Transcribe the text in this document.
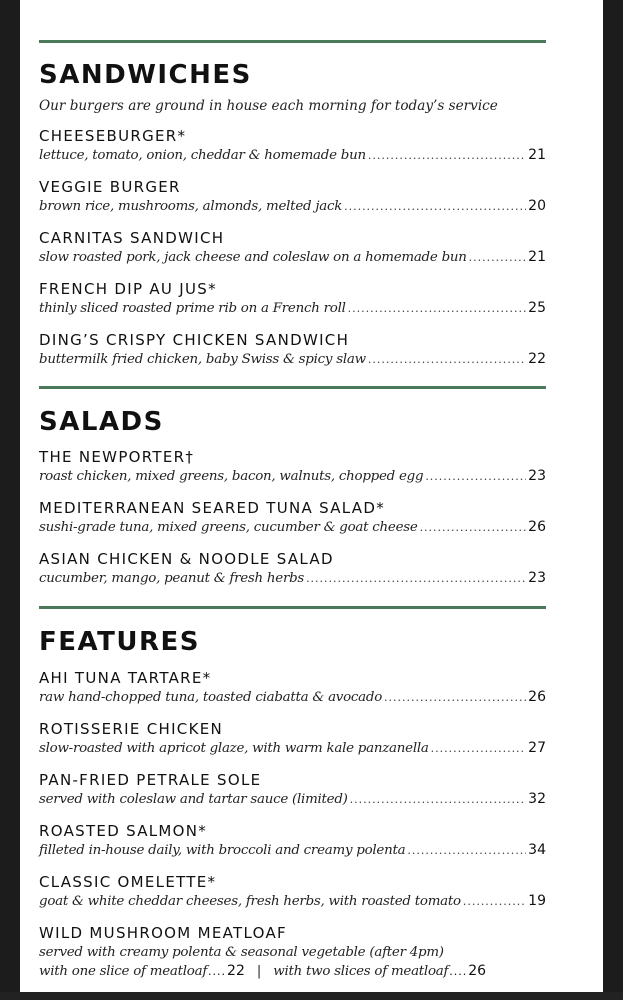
SANDWICHES
Our burgers are ground in house each morning for today’s service
CHEESEBURGER*
lettuce, tomato, onion, cheddar & homemade bun .....	21
VEGGIE BURGER
brown rice, mushrooms, almonds, melted jack .....	20
CARNITAS SANDWICH
slow roasted pork, jack cheese and coleslaw on a homemade bun .....	21
FRENCH DIP AU JUS*
thinly sliced roasted prime rib on a French roll .....	25
DING’S CRISPY CHICKEN SANDWICH
buttermilk fried chicken, baby Swiss & spicy slaw .....	22
SALADS
THE NEWPORTER†
roast chicken, mixed greens, bacon, walnuts, chopped egg .....	23
MEDITERRANEAN SEARED TUNA SALAD*
sushi-grade tuna, mixed greens, cucumber & goat cheese .....	26
ASIAN CHICKEN & NOODLE SALAD
cucumber, mango, peanut & fresh herbs .....	23
FEATURES
AHI TUNA TARTARE*
raw hand-chopped tuna, toasted ciabatta & avocado .....	26
ROTISSERIE CHICKEN
slow-roasted with apricot glaze, with warm kale panzanella .....	27
PAN-FRIED PETRALE SOLE
served with coleslaw and tartar sauce (limited) .....	32
ROASTED SALMON*
filleted in-house daily, with broccoli and creamy polenta .....	34
CLASSIC OMELETTE*
goat & white cheddar cheeses, fresh herbs, with roasted tomato .....	19
WILD MUSHROOM MEATLOAF
served with creamy polenta & seasonal vegetable (after 4pm)
with one slice of meatloaf .... 22 | with two slices of meatloaf .... 26
